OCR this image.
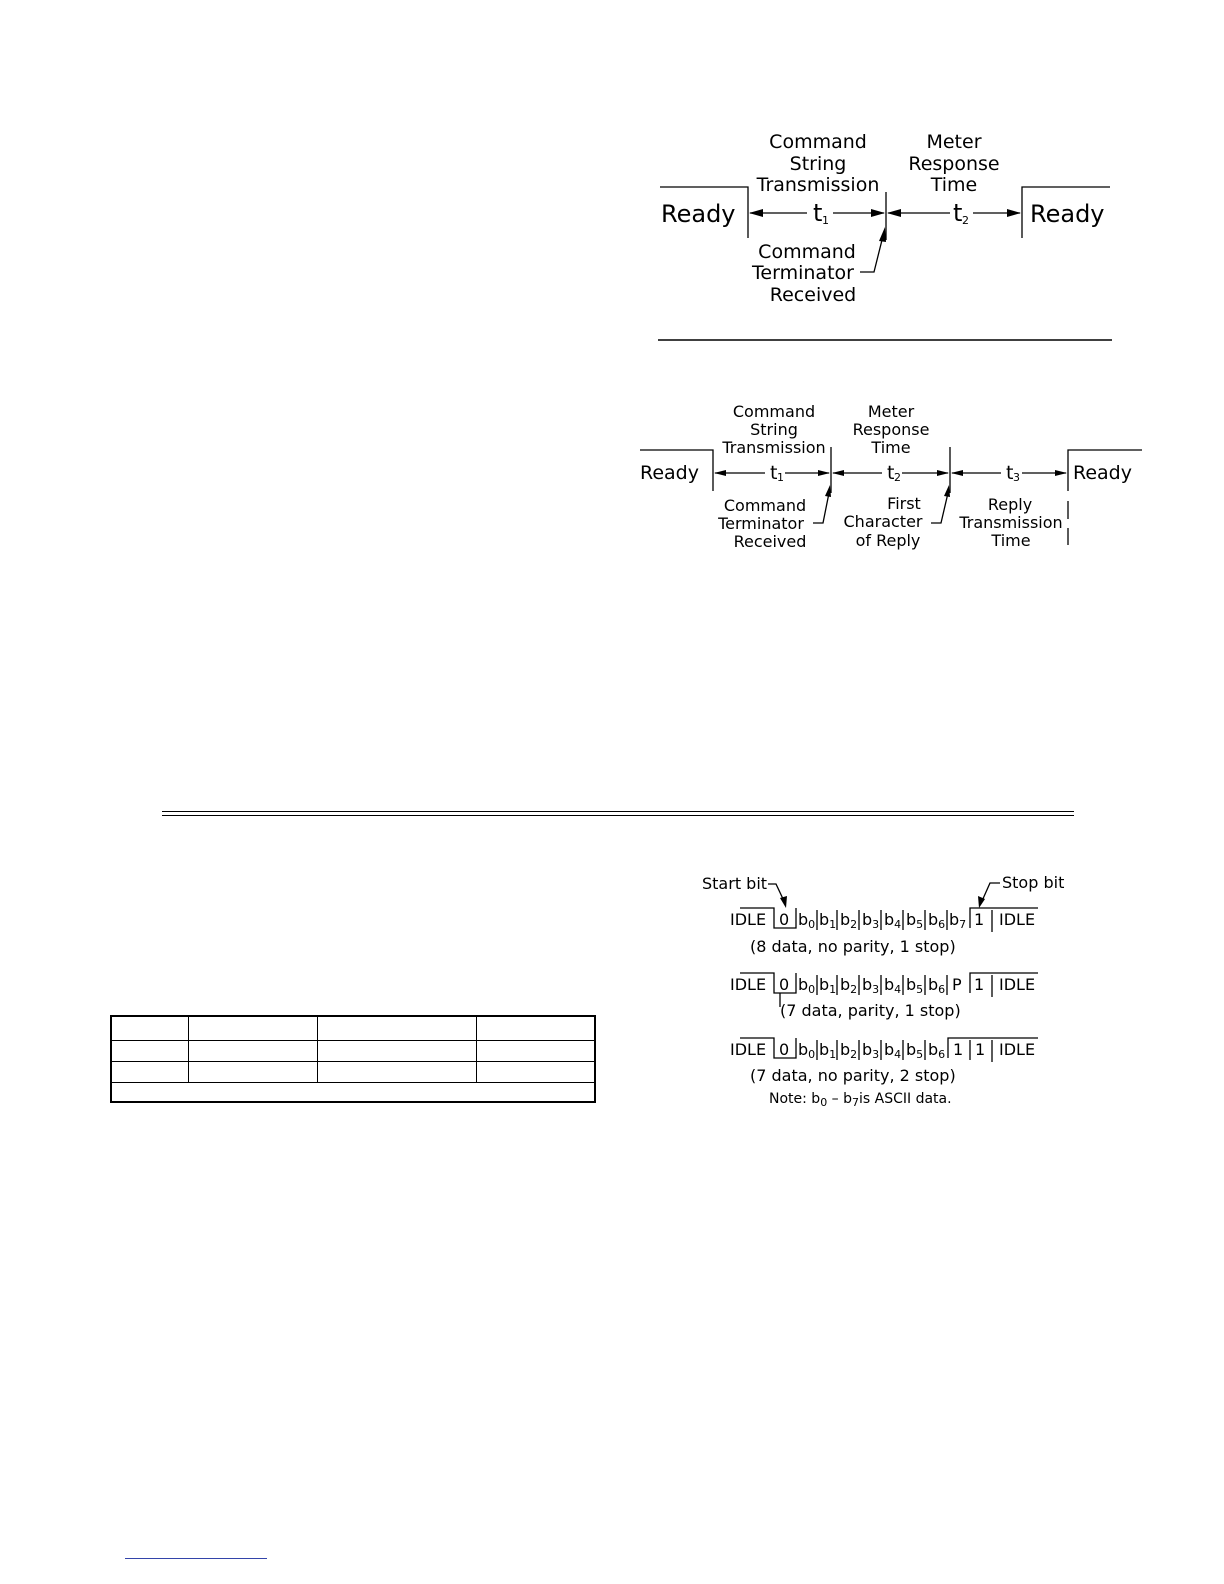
Command
String
Transmission
Meter
Response
Time
Ready	Ready
t 1	t 2
Command
Terminator
Received
Command
String
Transmission
Meter
Response
Time
Ready	Ready
t 1	t 2	t 3
Command
Terminator
Received
First
Character
of Reply
Reply
Transmission
Time

Start bit	Stop bit
IDLE 0 b0 b1 b2 b3 b4 b5 b6 b7 1 IDLE
(8 data, no parity, 1 stop)
IDLE 0 b0 b1 b2 b3 b4 b5 b6 P 1 IDLE
(7 data, parity, 1 stop)
IDLE 0 b0 b1 b2 b3 b4 b5 b6 1 1 IDLE
(7 data, no parity, 2 stop)
Note: $b_0 - b_7is$ ASCII data.
